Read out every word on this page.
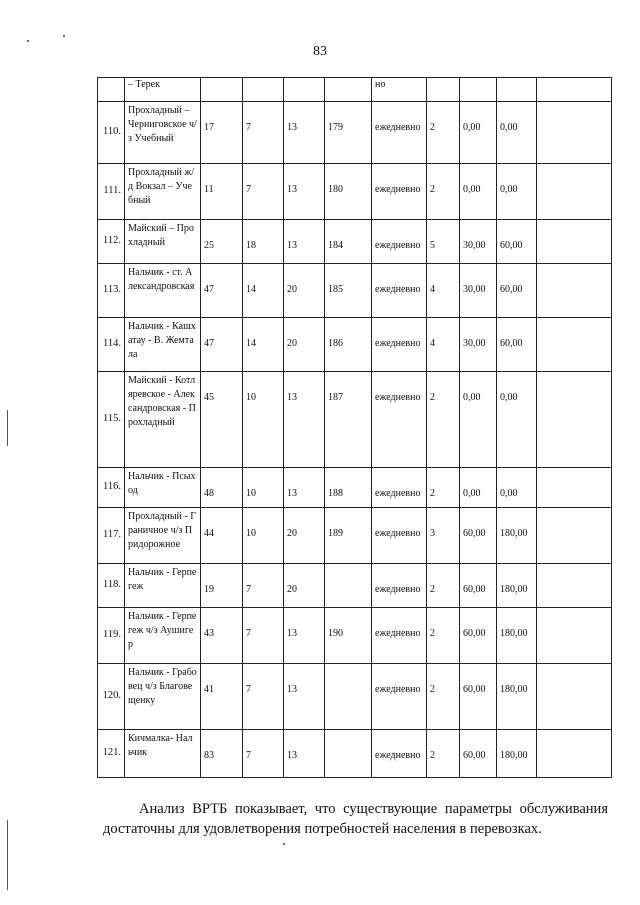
83
	– Терек					но				
110.	Прохладный – Черниговское ч/з Учебный	17	7	13	179	ежедневно	2	0,00	0,00	
111.	Прохладный ж/д Вокзал – Учебный	11	7	13	180	ежедневно	2	0,00	0,00	
112.	Майский – Прохладный	25	18	13	184	ежедневно	5	30,00	60,00	
113.	Нальчик - ст. Александровская	47	14	20	185	ежедневно	4	30,00	60,00	
114.	Нальчик - Кашхатау - В. Жемтала	47	14	20	186	ежедневно	4	30,00	60,00	
115.	Майский - Котляревское - Александровская - Прохладный	45	10	13	187	ежедневно	2	0,00	0,00	
116.	Нальчик - Псыход	48	10	13	188	ежедневно	2	0,00	0,00	
117.	Прохладный - Граничное ч/з Придорожное	44	10	20	189	ежедневно	3	60,00	180,00	
118.	Нальчик - Герпегеж	19	7	20		ежедневно	2	60,00	180,00	
119.	Нальчик - Герпегеж ч/з Аушигер	43	7	13	190	ежедневно	2	60,00	180,00	
120.	Нальчик - Грабовец ч/з Благовещенку	41	7	13		ежедневно	2	60,00	180,00	
121.	Кичмалка- Нальчик	83	7	13		ежедневно	2	60,00	180,00	

Анализ ВРТБ показывает, что существующие параметры обслуживания достаточны для удовлетворения потребностей населения в перевозках.
